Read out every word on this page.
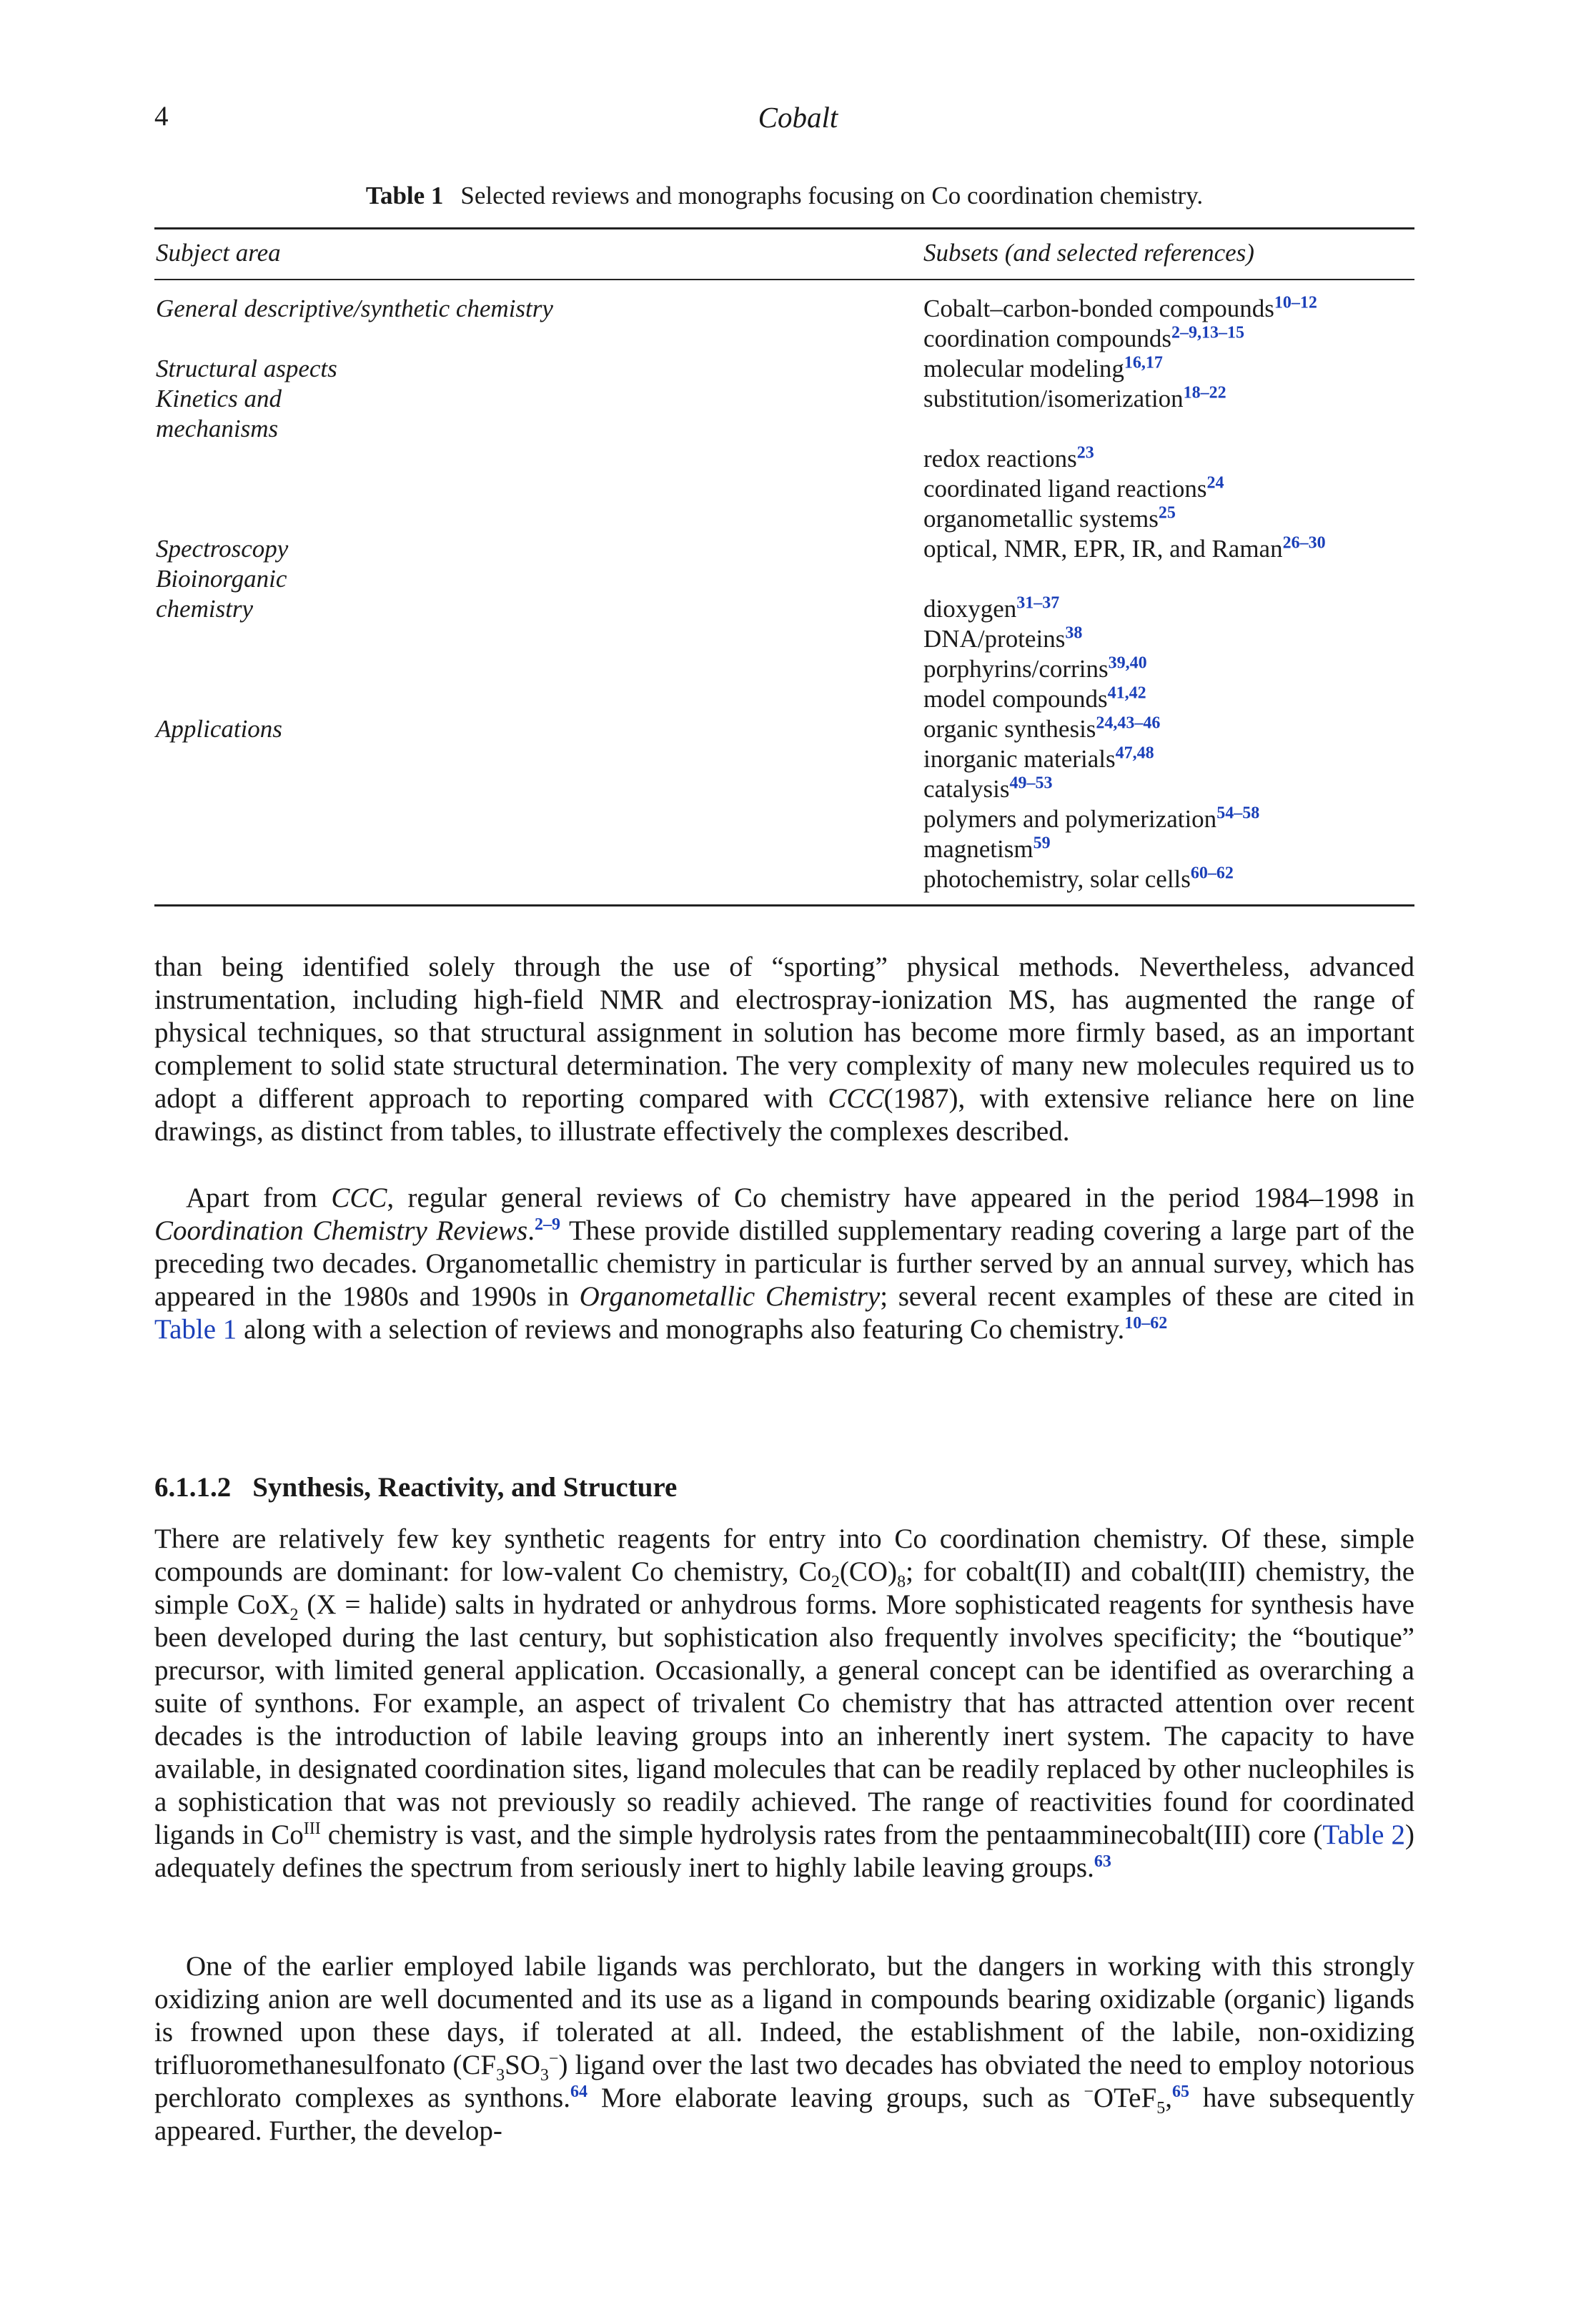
4	Cobalt
Table 1 Selected reviews and monographs focusing on Co coordination chemistry.
Subject area	Subsets (and selected references)
General descriptive/synthetic chemistry	Cobalt–carbon-bonded compounds$^{10-12}$
coordination compounds$^{2-9,13-15}$
Structural aspects	molecular modeling$^{16,17}$
Kinetics and	substitution/isomerization$^{18-22}$
mechanisms
redox reactions$^{23}$
coordinated ligand reactions$^{24}$
organometallic systems$^{25}$
Spectroscopy	optical, NMR, EPR, IR, and Raman$^{26-30}$
Bioinorganic
chemistry	dioxygen$^{31-37}$
DNA/proteins$^{38}$
porphyrins/corrins$^{39,40}$
model compounds$^{41,42}$
Applications	organic synthesis$^{24,43-46}$
inorganic materials$^{47,48}$
catalysis$^{49-53}$
polymers and polymerization$^{54-58}$
magnetism$^{59}$
photochemistry, solar cells$^{60-62}$
than being identified solely through the use of “sporting” physical methods. Nevertheless, advanced instrumentation, including high-field NMR and electrospray-ionization MS, has augmented the range of physical techniques, so that structural assignment in solution has become more firmly based, as an important complement to solid state structural determination. The very complexity of many new molecules required us to adopt a different approach to reporting compared with CCC(1987), with extensive reliance here on line drawings, as distinct from tables, to illustrate effectively the complexes described.
Apart from CCC, regular general reviews of Co chemistry have appeared in the period 1984–1998 in Coordination Chemistry Reviews.$^{2-9}$ These provide distilled supplementary reading covering a large part of the preceding two decades. Organometallic chemistry in particular is further served by an annual survey, which has appeared in the 1980s and 1990s in Organometallic Chemistry; several recent examples of these are cited in Table 1 along with a selection of reviews and monographs also featuring Co chemistry.$^{10-62}$
6.1.1.2 Synthesis, Reactivity, and Structure
There are relatively few key synthetic reagents for entry into Co coordination chemistry. Of these, simple compounds are dominant: for low-valent Co chemistry, $Co_2(CO)_8$; for cobalt(II) and cobalt(III) chemistry, the simple CoX$_2$ (X = halide) salts in hydrated or anhydrous forms. More sophisticated reagents for synthesis have been developed during the last century, but sophistication also frequently involves specificity; the “boutique” precursor, with limited general application. Occasionally, a general concept can be identified as overarching a suite of synthons. For example, an aspect of trivalent Co chemistry that has attracted attention over recent decades is the introduction of labile leaving groups into an inherently inert system. The capacity to have available, in designated coordination sites, ligand molecules that can be readily replaced by other nucleophiles is a sophistication that was not previously so readily achieved. The range of reactivities found for coordinated ligands in $Co^{III}$ chemistry is vast, and the simple hydrolysis rates from the pentaamminecobalt(III) core (Table 2) adequately defines the spectrum from seriously inert to highly labile leaving groups.$^{63}$
One of the earlier employed labile ligands was perchlorato, but the dangers in working with this strongly oxidizing anion are well documented and its use as a ligand in compounds bearing oxidizable (organic) ligands is frowned upon these days, if tolerated at all. Indeed, the establishment of the labile, non-oxidizing trifluoromethanesulfonato $(CF_3SO_3^-)$ ligand over the last two decades has obviated the need to employ notorious perchlorato complexes as synthons.$^{64}$ More elaborate leaving groups, such as −OTeF$_5$,$^{65}$ have subsequently appeared. Further, the develop-
